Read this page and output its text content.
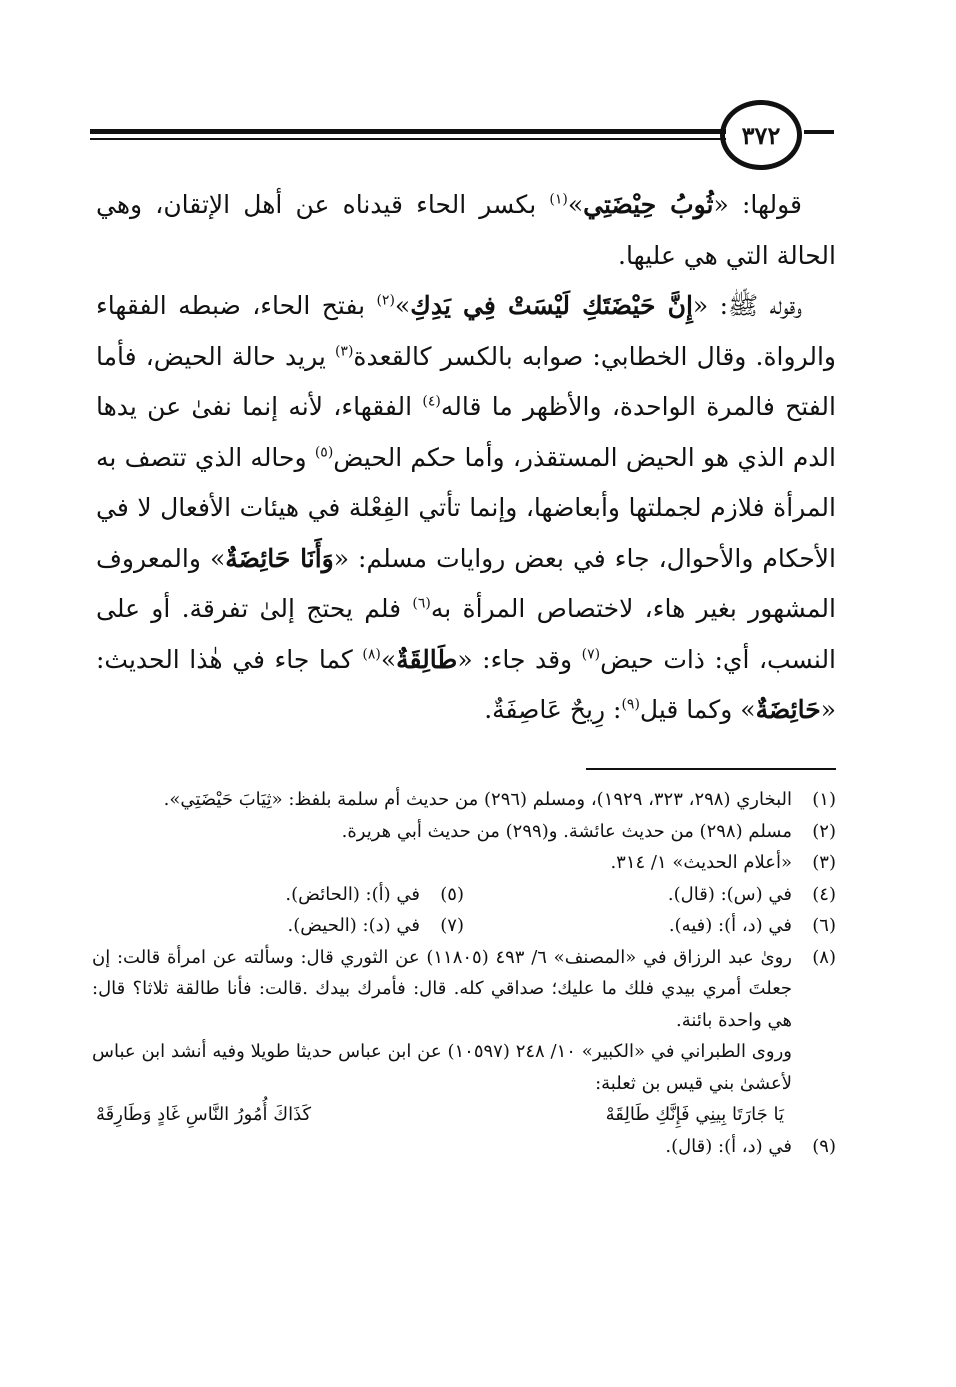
٣٧٢

قولها: «ثُوبُ حِيْضَتِي»$^{(١)}$ بكسر الحاء قيدناه عن أهل الإتقان، وهي الحالة التي هي عليها.

وقوله ﷺ: «إِنَّ حَيْضَتَكِ لَيْسَتْ فِي يَدِكِ»$^{(٢)}$ بفتح الحاء، ضبطه الفقهاء والرواة. وقال الخطابي: صوابه بالكسر كالقعدة$^{(٣)}$ يريد حالة الحيض، فأما الفتح فالمرة الواحدة، والأظهر ما قاله$^{(٤)}$ الفقهاء، لأنه إنما نفىٰ عن يدها الدم الذي هو الحيض المستقذر، وأما حكم الحيض$^{(٥)}$ وحاله الذي تتصف به المرأة فلازم لجملتها وأبعاضها، وإنما تأتي الفِعْلة في هيئات الأفعال لا في الأحكام والأحوال، جاء في بعض روايات مسلم: «وَأَنَا حَائِضَةٌ» والمعروف المشهور بغير هاء، لاختصاص المرأة به$^{(٦)}$ فلم يحتج إلىٰ تفرقة. أو على النسب، أي: ذات حيض$^{(٧)}$ وقد جاء: «طَالِقَةٌ»$^{(٨)}$ كما جاء في هٰذا الحديث: «حَائِضَةٌ» وكما قيل$^{(٩)}$: رِيحٌ عَاصِفَةٌ.

(١)
البخاري (٢٩٨، ٣٢٣، ١٩٢٩)، ومسلم (٢٩٦) من حديث أم سلمة بلفظ: «ثِيَابَ حَيْضَتِي».
(٢)
مسلم (٢٩٨) من حديث عائشة. و(٢٩٩) من حديث أبي هريرة.
(٣)
«أعلام الحديث» ١/ ٣١٤.
(٤)
في (س): (قال).
(٥)
في (أ): (الحائض).
(٦)
في (د، أ): (فيه).
(٧)
في (د): (الحيض).
(٨)
رویٰ عبد الرزاق في «المصنف» ٦/ ٤٩٣ (١١٨٠٥) عن الثوري قال: وسألته عن امرأة قالت: إن جعلتَ أمري بيدي فلك ما عليك؛ صداقي كله. قال: فأمرك بيدك .قالت: فأنا طالقة ثلاثا؟ قال: هي واحدة بائنة.
وروى الطبراني في «الكبير» ١٠/ ٢٤٨ (١٠٥٩٧) عن ابن عباس حديثا طويلا وفيه أنشد ابن عباس لأعشىٰ بني قيس بن ثعلبة:
يَا جَارَتَا بِينِي فَإِنَّكِ طَالِقَهْ
كَذَاكَ أُمُورُ النَّاسِ غَادٍ وَطَارِقَهْ
(٩)
في (د، أ): (قال).
